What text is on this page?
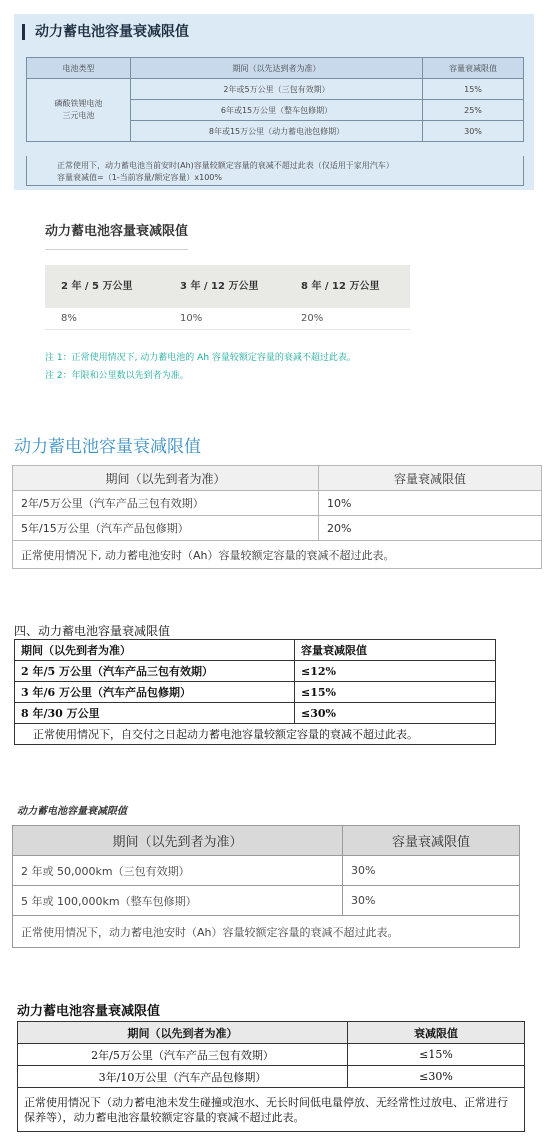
动力蓄电池容量衰减限值
电池类型	期间（以先达到者为准）	容量衰减限值

磷酸铁锂电池
三元电池	2年或5万公里（三包有效期）	15%
	6年或15万公里（整车包修期）	25%
	8年或15万公里（动力蓄电池包修期）	30%
正常使用下，动力蓄电池当前安时(Ah)容量较额定容量的衰减不超过此表（仅适用于家用汽车）
容量衰减值=（1-当前容量/额定容量）x100%
动力蓄电池容量衰减限值
2 年 / 5 万公里	3 年 / 12 万公里	8 年 / 12 万公里
8%	10%	20%
注 1：正常使用情况下, 动力蓄电池的 Ah 容量较额定容量的衰减不超过此表。
注 2：年限和公里数以先到者为准。
动力蓄电池容量衰减限值
期间（以先到者为准）	容量衰减限值
2年/5万公里（汽车产品三包有效期）	10%
5年/15万公里（汽车产品包修期）	20%
正常使用情况下, 动力蓄电池安时（Ah）容量较额定容量的衰减不超过此表。	
四、动力蓄电池容量衰减限值
期间（以先到者为准）	容量衰减限值
2 年/5 万公里（汽车产品三包有效期）	≤12%
3 年/6 万公里（汽车产品包修期）	≤15%
8 年/30 万公里	≤30%
正常使用情况下，自交付之日起动力蓄电池容量较额定容量的衰减不超过此表。	
动力蓄电池容量衰减限值
期间（以先到者为准）	容量衰减限值
2 年或 50,000km（三包有效期）	30%
5 年或 100,000km（整车包修期）	30%
正常使用情况下，动力蓄电池安时（Ah）容量较额定容量的衰减不超过此表。	
动力蓄电池容量衰减限值
期间（以先到者为准）	衰减限值
2年/5万公里（汽车产品三包有效期）	≤15%
3年/10万公里（汽车产品包修期）	≤30%
正常使用情况下（动力蓄电池未发生碰撞或泡水、无长时间低电量停放、无经常性过放电、正常进行保养等），动力蓄电池容量较额定容量的衰减不超过此表。	
